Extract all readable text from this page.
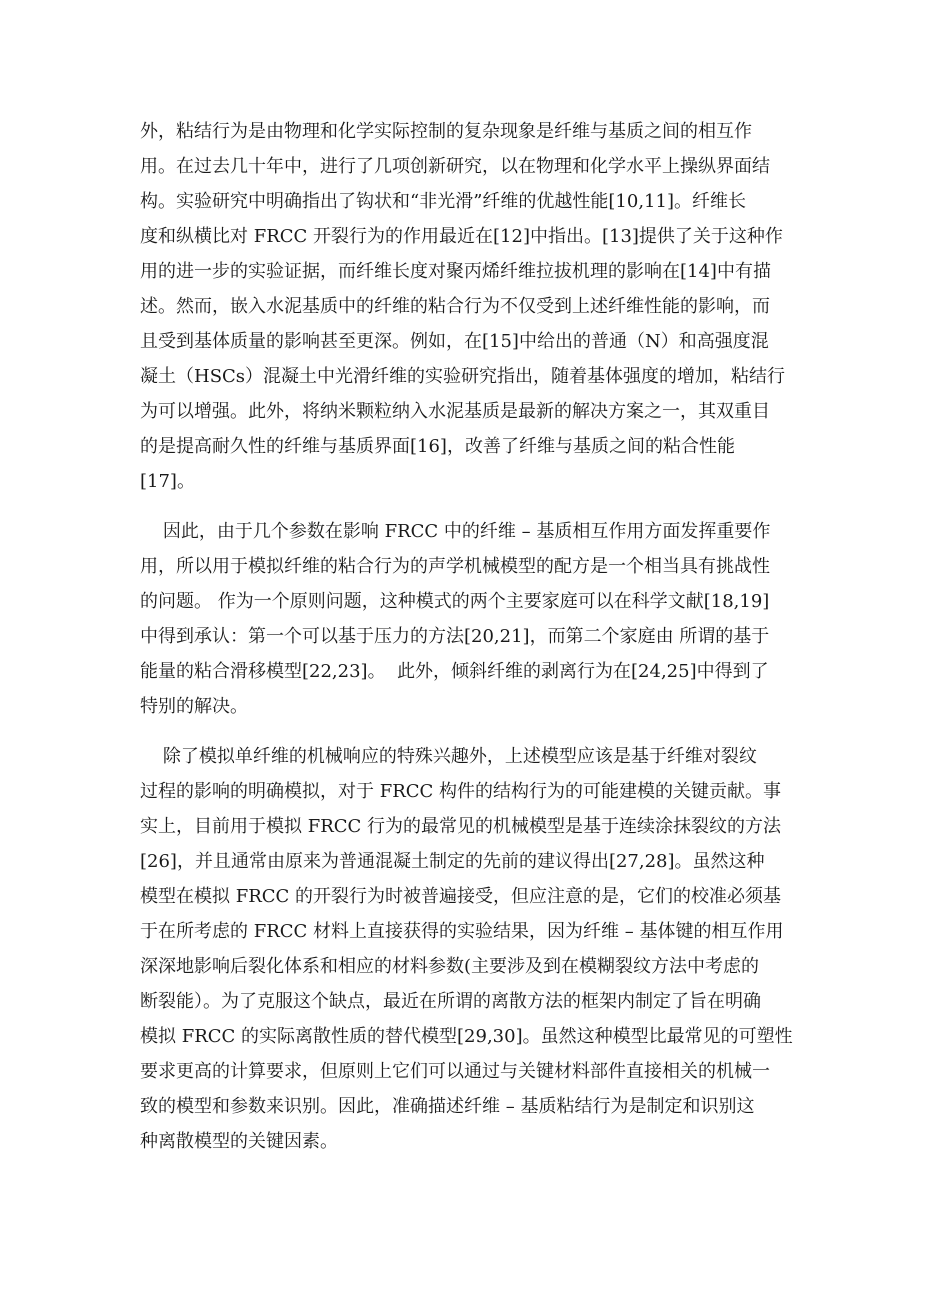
外，粘结行为是由物理和化学实际控制的复杂现象是纤维与基质之间的相互作
用。在过去几十年中，进行了几项创新研究，以在物理和化学水平上操纵界面结
构。实验研究中明确指出了钩状和“非光滑”纤维的优越性能[10,11]。纤维长
度和纵横比对 FRCC 开裂行为的作用最近在[12]中指出。[13]提供了关于这种作
用的进一步的实验证据，而纤维长度对聚丙烯纤维拉拔机理的影响在[14]中有描
述。然而，嵌入水泥基质中的纤维的粘合行为不仅受到上述纤维性能的影响，而
且受到基体质量的影响甚至更深。例如，在[15]中给出的普通（N）和高强度混
凝土（HSCs）混凝土中光滑纤维的实验研究指出，随着基体强度的增加，粘结行
为可以增强。此外，将纳米颗粒纳入水泥基质是最新的解决方案之一，其双重目
的是提高耐久性的纤维与基质界面[16]，改善了纤维与基质之间的粘合性能
[17]。
因此，由于几个参数在影响 FRCC 中的纤维 – 基质相互作用方面发挥重要作
用，所以用于模拟纤维的粘合行为的声学机械模型的配方是一个相当具有挑战性
的问题。 作为一个原则问题，这种模式的两个主要家庭可以在科学文献[18,19]
中得到承认：第一个可以基于压力的方法[20,21]，而第二个家庭由 所谓的基于
能量的粘合滑移模型[22,23]。  此外，倾斜纤维的剥离行为在[24,25]中得到了
特别的解决。
除了模拟单纤维的机械响应的特殊兴趣外，上述模型应该是基于纤维对裂纹
过程的影响的明确模拟，对于 FRCC 构件的结构行为的可能建模的关键贡献。事
实上，目前用于模拟 FRCC 行为的最常见的机械模型是基于连续涂抹裂纹的方法
[26]，并且通常由原来为普通混凝土制定的先前的建议得出[27,28]。虽然这种
模型在模拟 FRCC 的开裂行为时被普遍接受，但应注意的是，它们的校准必须基
于在所考虑的 FRCC 材料上直接获得的实验结果，因为纤维 – 基体键的相互作用
深深地影响后裂化体系和相应的材料参数(主要涉及到在模糊裂纹方法中考虑的
断裂能）。为了克服这个缺点，最近在所谓的离散方法的框架内制定了旨在明确
模拟 FRCC 的实际离散性质的替代模型[29,30]。虽然这种模型比最常见的可塑性
要求更高的计算要求，但原则上它们可以通过与关键材料部件直接相关的机械一
致的模型和参数来识别。因此，准确描述纤维 – 基质粘结行为是制定和识别这
种离散模型的关键因素。
